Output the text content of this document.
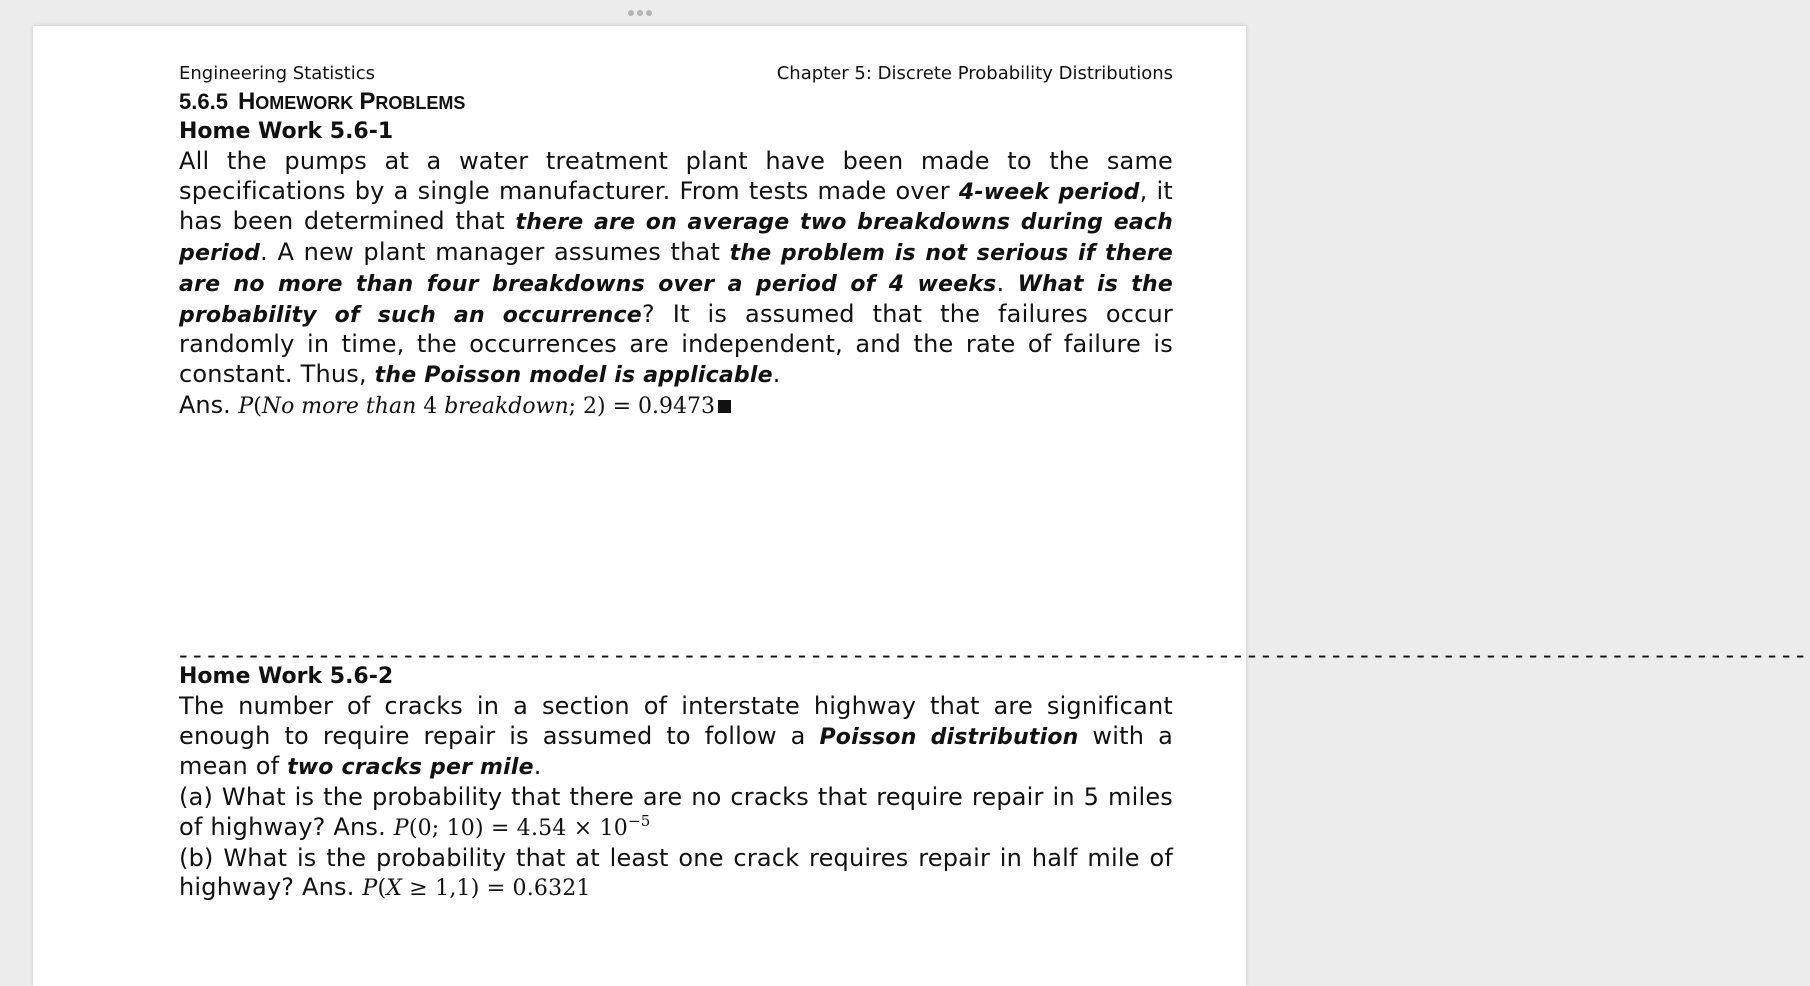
Engineering Statistics	Chapter 5: Discrete Probability Distributions
5.6.5 HOMEWORK PROBLEMS
Home Work 5.6-1
All the pumps at a water treatment plant have been made to the same specifications by a single manufacturer. From tests made over 4-week period, it has been determined that there are on average two breakdowns during each period. A new plant manager assumes that the problem is not serious if there are no more than four breakdowns over a period of 4 weeks. What is the probability of such an occurrence? It is assumed that the failures occur randomly in time, the occurrences are independent, and the rate of failure is constant. Thus, the Poisson model is applicable.
Ans. P(No more than 4 breakdown; 2) = 0.9473
--------------------------------------------------------------------------------------------------------------------
Home Work 5.6-2
The number of cracks in a section of interstate highway that are significant enough to require repair is assumed to follow a Poisson distribution with a mean of two cracks per mile.
(a) What is the probability that there are no cracks that require repair in 5 miles of highway? Ans. P(0; $10) = 4.54 \times 10^{-5}$
(b) What is the probability that at least one crack requires repair in half mile of highway? Ans. P(X ≥ 1,1) = 0.6321
